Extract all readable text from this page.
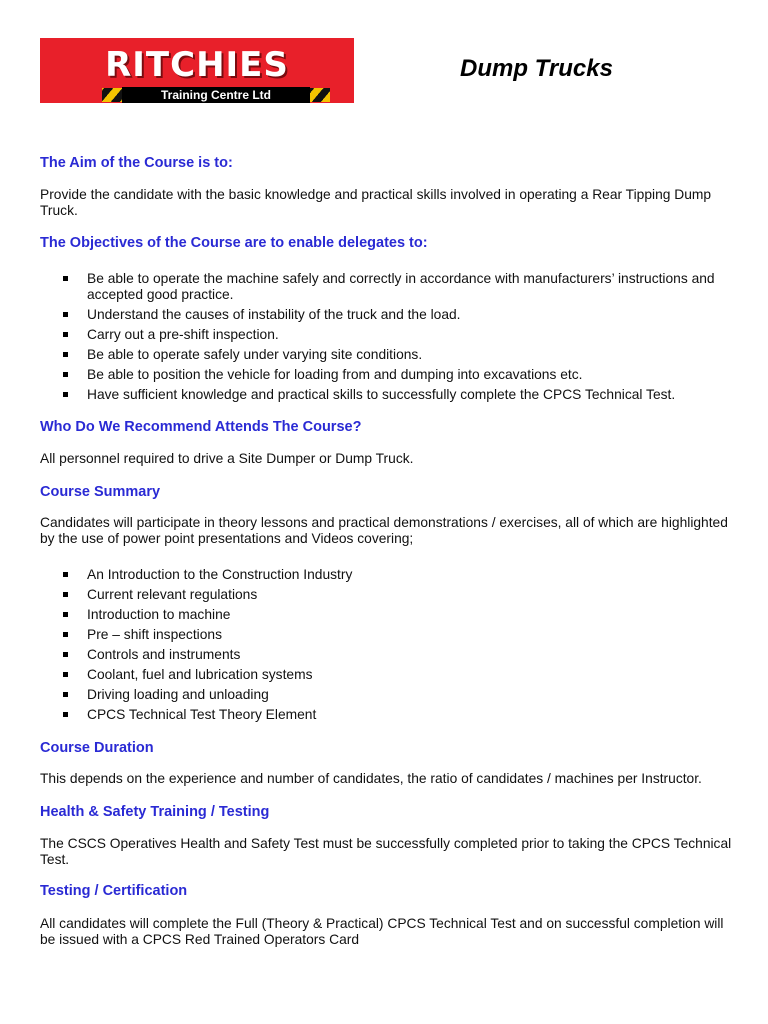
RITCHIES
Training Centre Ltd
Dump Trucks
The Aim of the Course is to:
Provide the candidate with the basic knowledge and practical skills involved in operating a Rear Tipping Dump Truck.
The Objectives of the Course are to enable delegates to:
Be able to operate the machine safely and correctly in accordance with manufacturers’ instructions and accepted good practice.
Understand the causes of instability of the truck and the load.
Carry out a pre-shift inspection.
Be able to operate safely under varying site conditions.
Be able to position the vehicle for loading from and dumping into excavations etc.
Have sufficient knowledge and practical skills to successfully complete the CPCS Technical Test.
Who Do We Recommend Attends The Course?
All personnel required to drive a Site Dumper or Dump Truck.
Course Summary
Candidates will participate in theory lessons and practical demonstrations / exercises, all of which are highlighted by the use of power point presentations and Videos covering;
An Introduction to the Construction Industry
Current relevant regulations
Introduction to machine
Pre – shift inspections
Controls and instruments
Coolant, fuel and lubrication systems
Driving loading and unloading
CPCS Technical Test Theory Element
Course Duration
This depends on the experience and number of candidates, the ratio of candidates / machines per Instructor.
Health & Safety Training / Testing
The CSCS Operatives Health and Safety Test must be successfully completed prior to taking the CPCS Technical Test.
Testing / Certification
All candidates will complete the Full (Theory & Practical) CPCS Technical Test and on successful completion will be issued with a CPCS Red Trained Operators Card
